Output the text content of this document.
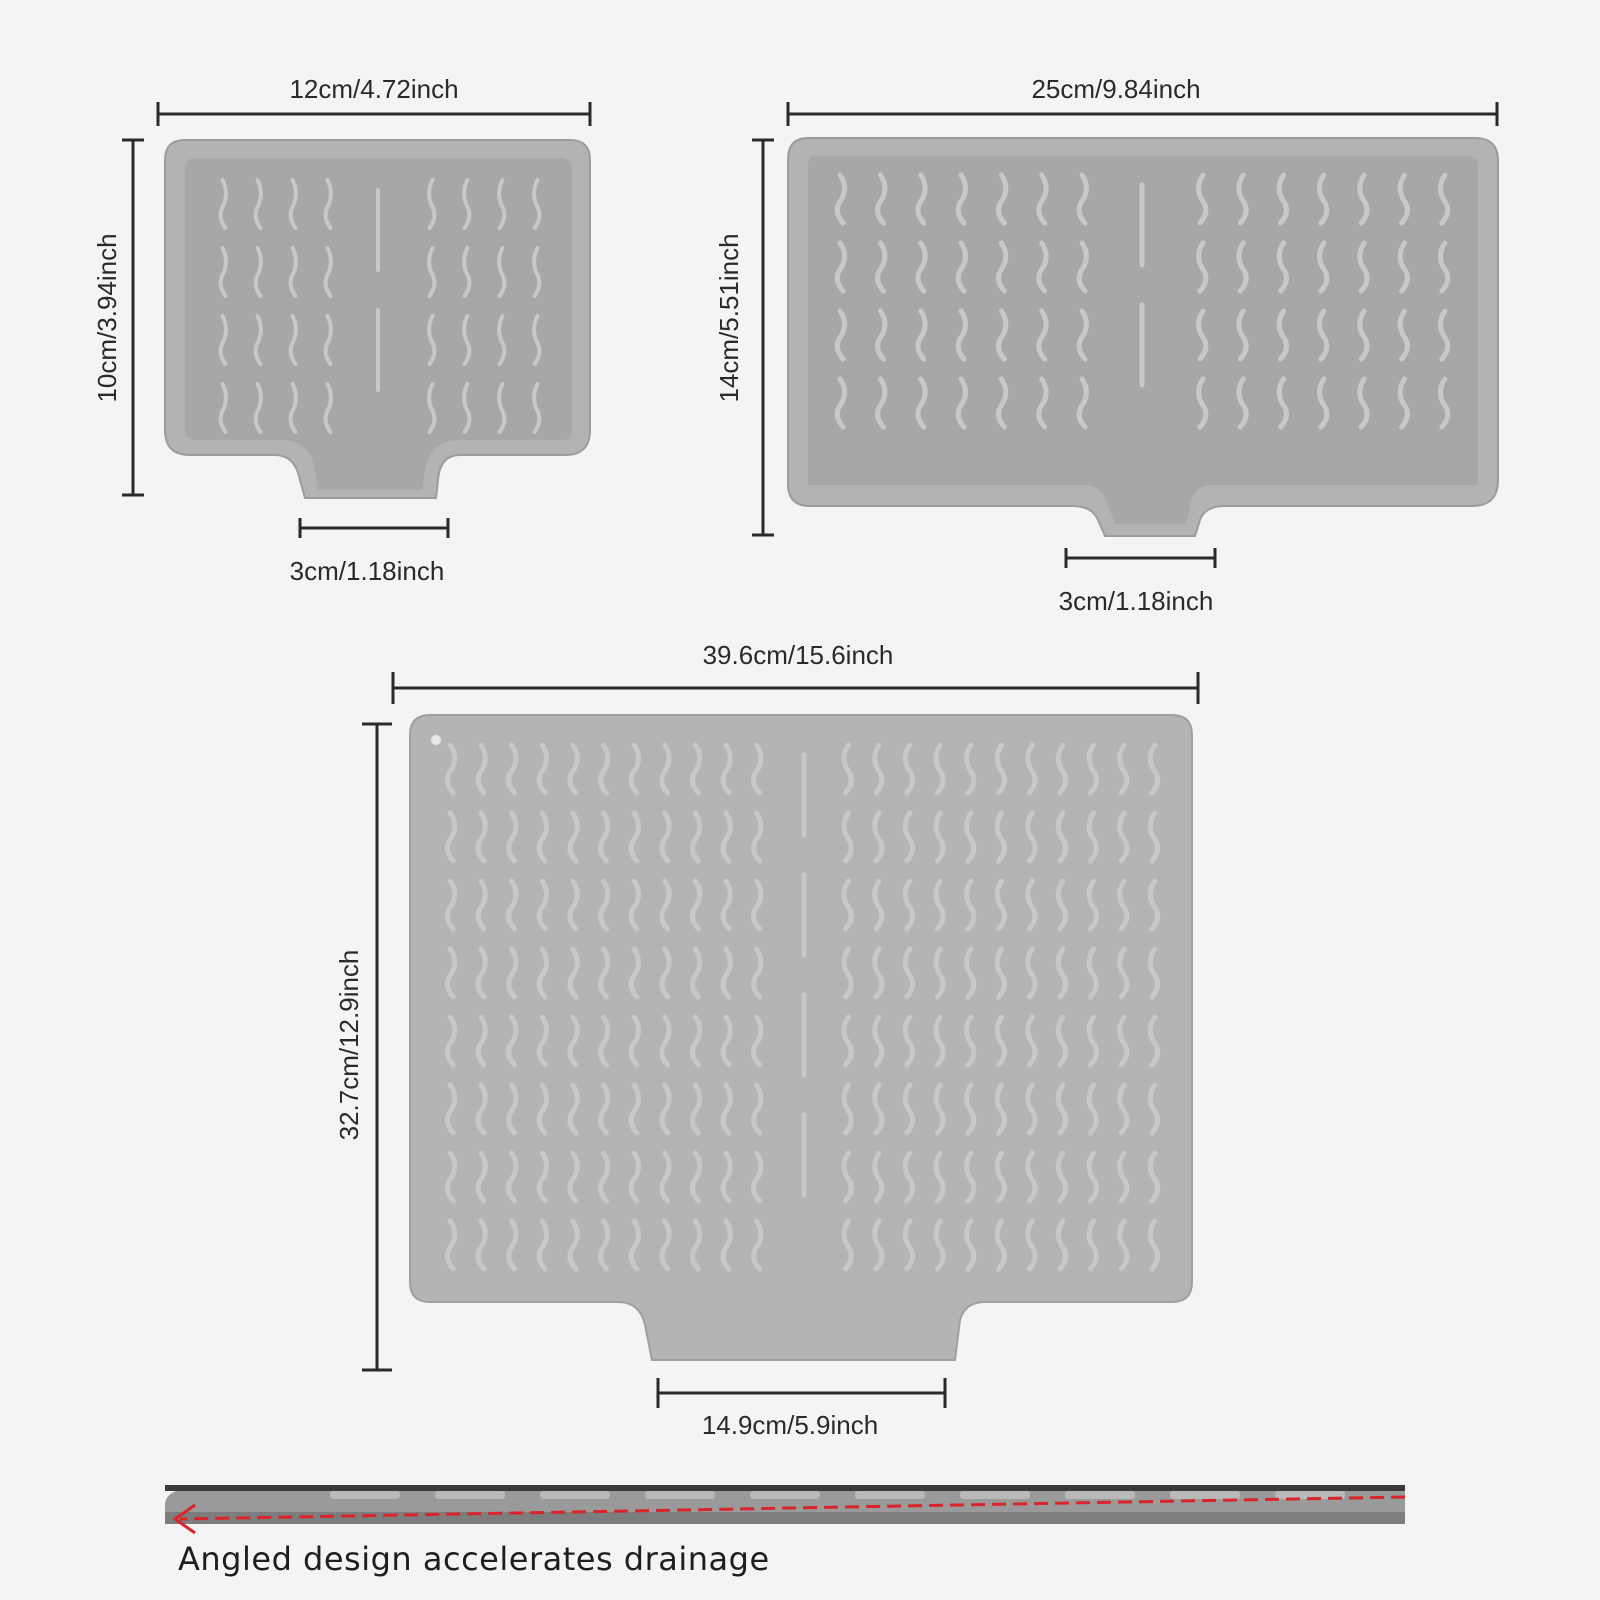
12cm/4.72inch
10cm/3.94inch
3cm/1.18inch
25cm/9.84inch
14cm/5.51inch
3cm/1.18inch
39.6cm/15.6inch
32.7cm/12.9inch
14.9cm/5.9inch
Angled design accelerates drainage
